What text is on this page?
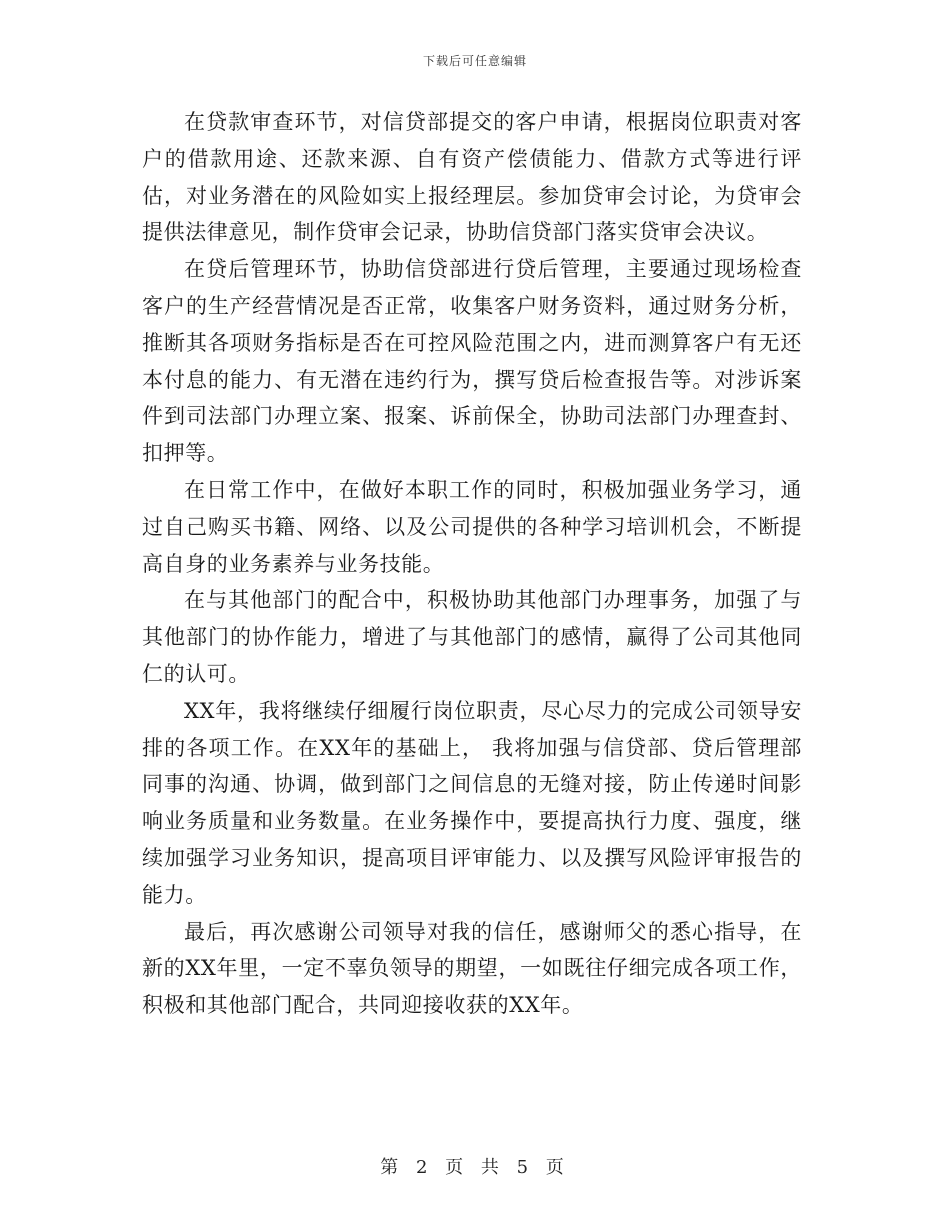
下载后可任意编辑

在贷款审查环节，对信贷部提交的客户申请，根据岗位职责对客户的借款用途、还款来源、自有资产偿债能力、借款方式等进行评估，对业务潜在的风险如实上报经理层。参加贷审会讨论，为贷审会提供法律意见，制作贷审会记录，协助信贷部门落实贷审会决议。

在贷后管理环节，协助信贷部进行贷后管理，主要通过现场检查客户的生产经营情况是否正常，收集客户财务资料，通过财务分析，推断其各项财务指标是否在可控风险范围之内，进而测算客户有无还本付息的能力、有无潜在违约行为，撰写贷后检查报告等。对涉诉案件到司法部门办理立案、报案、诉前保全，协助司法部门办理查封、扣押等。

在日常工作中，在做好本职工作的同时，积极加强业务学习，通过自己购买书籍、网络、以及公司提供的各种学习培训机会，不断提高自身的业务素养与业务技能。

在与其他部门的配合中，积极协助其他部门办理事务，加强了与其他部门的协作能力，增进了与其他部门的感情，赢得了公司其他同仁的认可。

XX年，我将继续仔细履行岗位职责，尽心尽力的完成公司领导安排的各项工作。在XX年的基础上， 我将加强与信贷部、贷后管理部同事的沟通、协调，做到部门之间信息的无缝对接，防止传递时间影响业务质量和业务数量。在业务操作中，要提高执行力度、强度，继续加强学习业务知识，提高项目评审能力、以及撰写风险评审报告的能力。

最后，再次感谢公司领导对我的信任，感谢师父的悉心指导，在新的XX年里，一定不辜负领导的期望，一如既往仔细完成各项工作，积极和其他部门配合，共同迎接收获的XX年。

第 2 页 共 5 页
